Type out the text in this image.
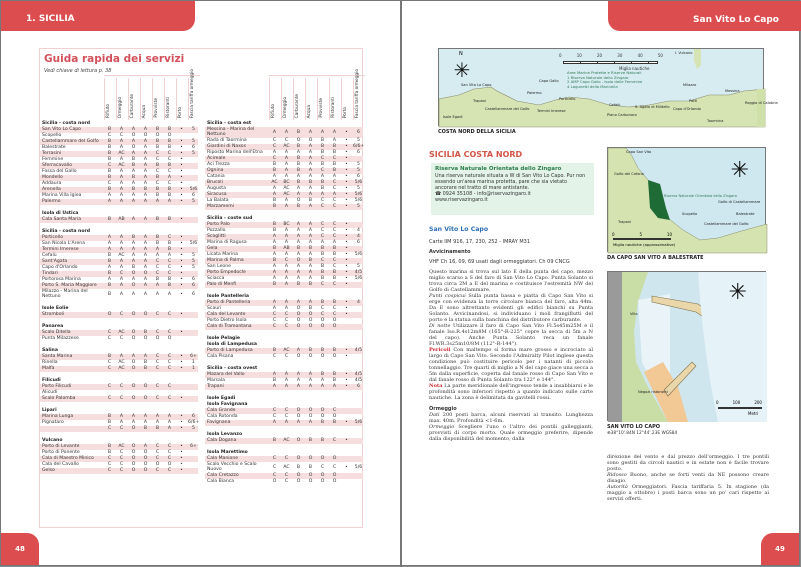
1. SICILIA
Guida rapida dei servizi
Vedi chiave di lettura p. 38
Rifiuto Ormeggio Carburante Acqua Provviste Ristoranti Porto Fascia tariffa ormeggio	Rifiuto Ormeggio Carburante Acqua Provviste Ristoranti Porto Fascia tariffa ormeggio
Sicilia - costa nord
San Vito Lo Capo	B	A	A	A	B	B	•	5
Scopello	C	C	O	O	O	O
Castellammare del Golfo	B	A	A	A	B	B	•	5
Balestrate	B	A	O	A	B	B	•	6
Terrasini	B	AC	A	A	C	C	•	5
Femmine	B	A	B	A	C	C	•
Sferracavallo	C	AC	B	A	B	B	•
Fossa del Gallo	B	A	A	A	C	C	•
Mondello	B	A	B	A	B	A	•
Addaura	C	A	A	A	C	C	•
Arenella	B	A	B	B	B	B	•	5/6
Marina Villa Igiea	A	A	A	A	B	B	•	6
Palermo	A	A	A	A	A	A	•	5
Isola di Ustica
Cala Santa Maria	B	AB	A	A	B	B	•
Sicilia - costa nord
Porticello	A	A	B	A	B	C	•
San Nicola L'Arena	A	A	A	A	B	B	•	5/6
Termini Imerese	A	A	A	A	A	B	•
Cefalù	B	AC	A	A	A	A	•	5
Sant'Agata	B	A	A	A	C	C	•	5
Capo d'Orlando	A	A	B	A	C	C	•	5
Tindari	B	C	O	O	C	C	•
Portorosa Marina	A	A	A	A	B	B	•	6
Porto S. Maria Maggiore	B	A	O	A	A	B	•	6
Milazzo - Marina del Nettuno	B	A	A	A	A	A	•	6
Isole Eolie
Stromboli	O	C	O	O	C	C	•
Panarea
Scalo Ditella	C	AC	O	B	C	C	•
Punta Milazzese	C	C	O	O	O	O
Salina
Santa Marina	B	A	A	A	C	C	•	6+
Rinella	C	AC	O	B	C	C	•	1
Malfa	C	AC	O	B	C	C	•	1
Filicudi
Porto Filicudi	C	C	O	O	C	C
Alicudi
Scalo Palomba	C	C	O	O	C	C	•
Lipari
Marina Lunga	B	A	A	A	A	A	•	6
Pignataro	B	A	A	A	A	A	•	6/6+
C	C	O	B	B	A	•	5
Vulcano
Porto di Levante	B	AC	O	A	C	C	•	6+
Porto di Ponente	B	C	O	O	C	C	•
Cala di Maestro Minico	C	C	O	O	C	C	•
Cala del Cavallo	C	C	O	O	O	O	•
Gelso	C	C	O	O	C	C	•
Sicilia - costa est
Messina - Marina del Nettuno	A	A	B	A	A	A	•	6
Rada di Taormina	C	C	O	O	B	A	•	5
Giardini di Naxos	C	AC	B	A	B	B	•	6/6+
Riposto Marina dell'Etna	A	A	A	A	B	B	•	6
Acireale	C	A	B	A	C	C	•
Aci Trezza	B	A	B	A	B	B	•	5
Ognina	B	A	B	A	C	B	•	5
Catania	A	A	A	A	A	A	•	6
Brucoli	AC	BC	B	B	B	C	•	5/6
Augusta	A	AC	A	A	B	C	•	5
Siracusa	A	AC	A	A	A	A	•	5/6
La Balata	B	A	O	B	C	C	•	5/6
Marzamemi	B	A	B	A	C	C	•	5
Sicilia - coste sud
Porto Palo	B	BC	A	A	C	C	•
Pozzallo	B	A	A	A	C	C	•	4
Scoglitti	A	A	A	A	C	C	•	4
Marina di Ragusa	A	A	A	A	A	A	•	6
Gela	B	AB	B	B	B	B	•
Licata Marina	A	A	A	A	B	B	•	5/6
Marina di Palma	B	C	O	B	C	C	•
San Leone	A	A	A	A	B	C	•	5
Porto Empedocle	A	A	A	A	B	B	•	4/5
Sciacca	A	A	A	A	B	B	•	5/6
Palo di Menfi	B	A	B	B	C	C	•
Isole Pantelleria
Porto di Pantelleria	A	A	A	A	B	B	•	4
Scauri	A	A	O	B	C	C	•
Cala del Levante	C	C	O	O	C	C	•
Porto Dietro Isola	C	C	O	O	O	O
Cala di Tramontana	C	C	O	O	O	O
Isole Pelagie
Isola di Lampedusa
Porto di Lampedusa	B	AC	A	B	B	B	•	4/5
Cala Pisana	C	C	O	O	O	O	•
Sicilia - costa ovest
Mazara del Vallo	A	A	A	A	B	B	•	4/5
Marsala	B	A	A	A	A	B	•	4/5
Trapani	A	A	A	A	A	A	•	6
Isole Egadi
Isola Favignana
Cala Grande	C	C	O	O	O	C
Cala Rotonda	C	C	O	O	O	O
Favignana	A	A	A	A	B	B	•	5/6
Isola Levanzo
Cala Dogana	B	AC	O	B	B	C	•
Isola Marettimo
Cala Manione	C	C	O	O	O	O
Scalo Vecchio e Scalo Nuovo	C	AC	B	B	C	C	•	5/6
Cala Cretazzo	C	C	O	O	O	O
Cala Bianca	O	C	O	O	O	O
48
San Vito Lo Capo
✳
N	0	10	20	30	40	50
Miglia nautiche
Aree Marine Protette e Riserve Naturali
1 Riserva Naturale dello Zingaro
2 AMP Capo Gallo - Isola delle Femmine
4 Lagunetti della Marinella
San Vito Lo Capo
Palermo
Capo Gallo
Messina
Milazzo
I. Vulcano
Cefalù
Patti
Taormina
Piano Carbonara
Isole Egadi
Trapani
Castellammare del Golfo Termini Imerese
Porticello
S. Agata di Militello Capo d'Orlando
Reggio di Calabria
COSTA NORD DELLA SICILIA
SICILIA COSTA NORD
Riserva Naturale Orientata dello Zingaro
Una riserva naturale situata a W di San Vito Lo Capo. Pur non essendo un'area marina protetta, pare che sia vietato ancorare nel tratto di mare antistante.
☎ 0924 35108 - info@riservazingaro.it
www.riservazingaro.it
San Vito Lo Capo
Carte IIM 916, 17, 230, 252 - IMRAY M31
Avvicinamento
VHF Ch 16, 09, 69 usati dagli ormeggiatori. Ch 09 CNCG
Questo marina si trova sul lato E della punta del capo, mezzo miglio scarso a S del faro di San Vito Lo Capo. Punta Solanto si trova circa 2M a E del marina e costituisce l'estremità NW del Golfo di Castellammare.
Punti cospicui Sulla punta bassa e piatta di Capo San Vito si erge con evidenza la torre circolare bianca del faro, alta 44m. Da E sono altrettanto evidenti gli edifici bianchi su Punta Solanto. Avvicinandosi, si individuano i moli frangiflutti del porto e la statua sulla banchina del distributore carburante.
Di notte Utilizzare il faro di Capo San Vito Fl.5s45m25M e il fanale Iso.R.4s12m8M (165°-R-225° copre la secca di 5m a N del capo). Anche Punta Solanto reca un fanale Fl.WR.3s25m10/8M (112°-R-144°).
Pericoli Con maltempo si forma mare grosso e incrociato al largo di Capo San Vito. Secondo l'Admiralty Pilot inglese questa condizione può costituire pericolo per i natanti di piccolo tonnellaggio. Tre quarti di miglio a N del capo giace una secca a 5m dalla superficie, coperta dal fanale rosso di Capo San Vito e dal fanale rosso di Punta Solanto tra 122° e 144°.
Nota La parte meridionale dell'ingresso tende a insabbiarsi e le profondità sono inferiori rispetto a quanto indicato sulle carte nautiche. La zona è delimitata da gavitelli rossi.
Ormeggio
Dati 200 posti barca, alcuni riservati al transito. Lunghezza max. 40m. Profondità <1-6m.
Ormeggio Scegliere l'uno o l'altro dei pontili galleggianti, provvisti di corpo morto. Quale ormeggio preferire, dipende dalla disponibilità del momento, dalla
✳
Capo San Vito
Golfo del Cofano
Riserva Naturale Orientata dello Zingaro
Golfo di Castellammare
Scopello	Balestrate
Castellammare del Golfo
Trapani
0	5	10
Miglia nautiche (approssimative)
DA CAPO SAN VITO A BALESTRATE
✳
Villa
Negozi ristoranti
0	100	200
Metri
SAN VITO LO CAPO
⊕38°10'.84N 12°44'.23E WGS84
direzione del vento e dal prezzo dell'ormeggio. I tre pontili sono gestiti da circoli nautici e in estate non è facile trovare posto.
Ridosso Buono, anche se forti venti da NE possono creare disagio.
Autorità Ormeggiatori. Fascia tariffaria 5. In stagione (da maggio a ottobre) i posti barca sono un po' cari rispetto ai servizi offerti.
49
